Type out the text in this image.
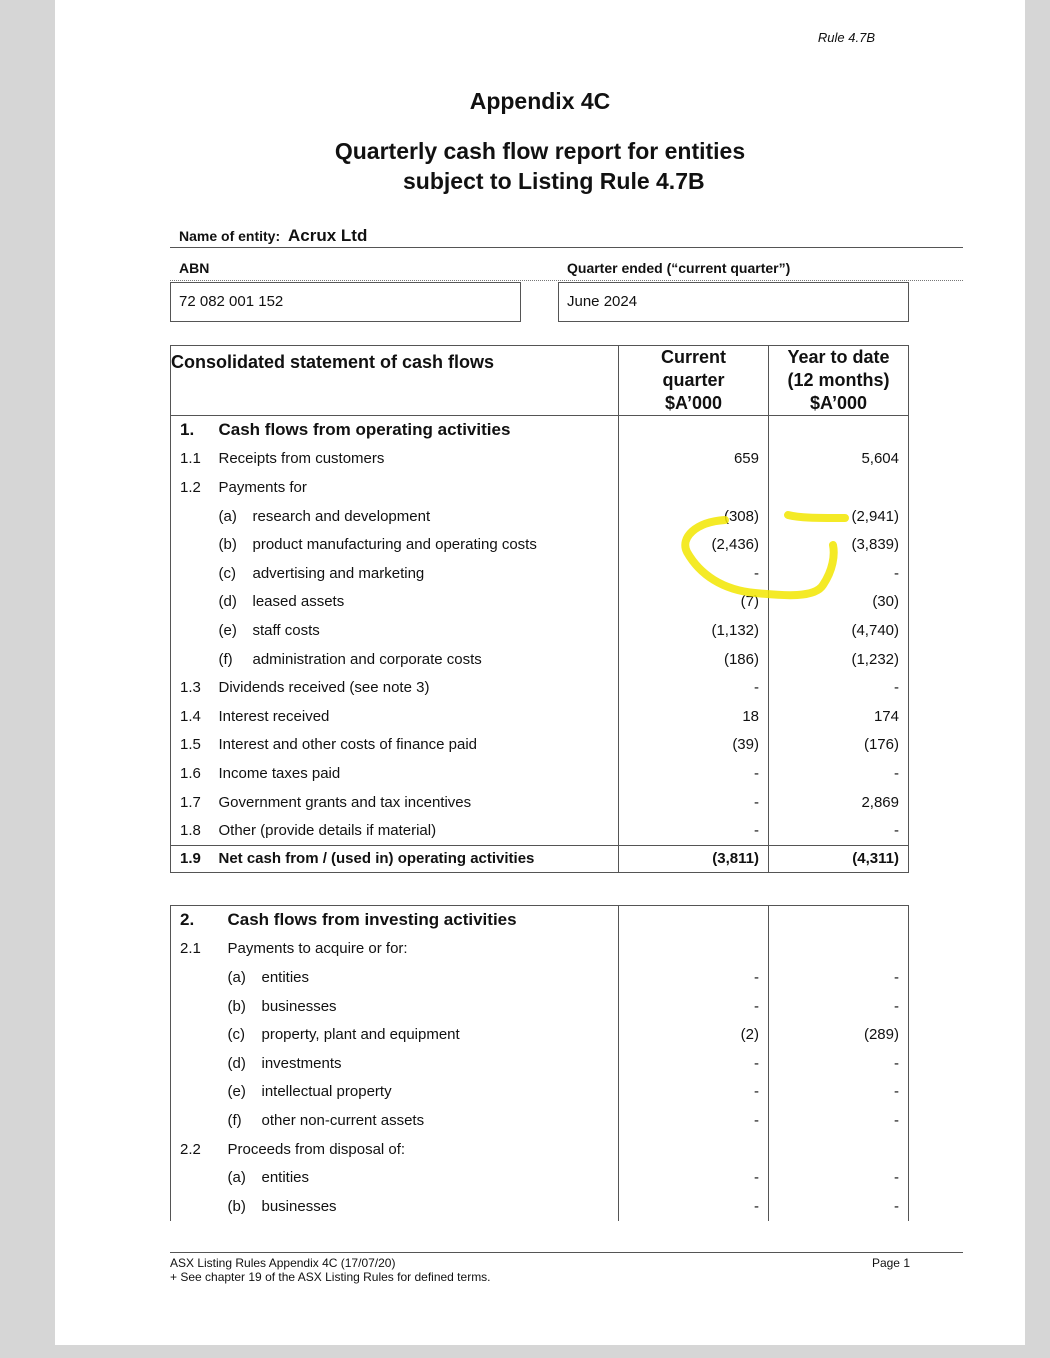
Rule 4.7B
Appendix 4C
Quarterly cash flow report for entities
subject to Listing Rule 4.7B
Name of entity: Acrux Ltd
ABN	Quarter ended (“current quarter”)
72 082 001 152	June 2024
Consolidated statement of cash flows		Current quarter $A’000	Year to date (12 months) $A’000
1.	Cash flows from operating activities		
1.1	Receipts from customers	659	5,604
1.2	Payments for		
	(a) research and development	(308)	(2,941)
	(b) product manufacturing and operating costs	(2,436)	(3,839)
	(c) advertising and marketing	-	-
	(d) leased assets	(7)	(30)
	(e) staff costs	(1,132)	(4,740)
	(f) administration and corporate costs	(186)	(1,232)
1.3	Dividends received (see note 3)	-	-
1.4	Interest received	18	174
1.5	Interest and other costs of finance paid	(39)	(176)
1.6	Income taxes paid	-	-
1.7	Government grants and tax incentives	-	2,869
1.8	Other (provide details if material)	-	-
1.9	Net cash from / (used in) operating activities	(3,811)	(4,311)
2.	Cash flows from investing activities		
2.1	Payments to acquire or for:		
	(a) entities	-	-
	(b) businesses	-	-
	(c) property, plant and equipment	(2)	(289)
	(d) investments	-	-
	(e) intellectual property	-	-
	(f) other non-current assets	-	-
2.2	Proceeds from disposal of:		
	(a) entities	-	-
	(b) businesses	-	-
ASX Listing Rules Appendix 4C (17/07/20)
+ See chapter 19 of the ASX Listing Rules for defined terms.
Page 1
